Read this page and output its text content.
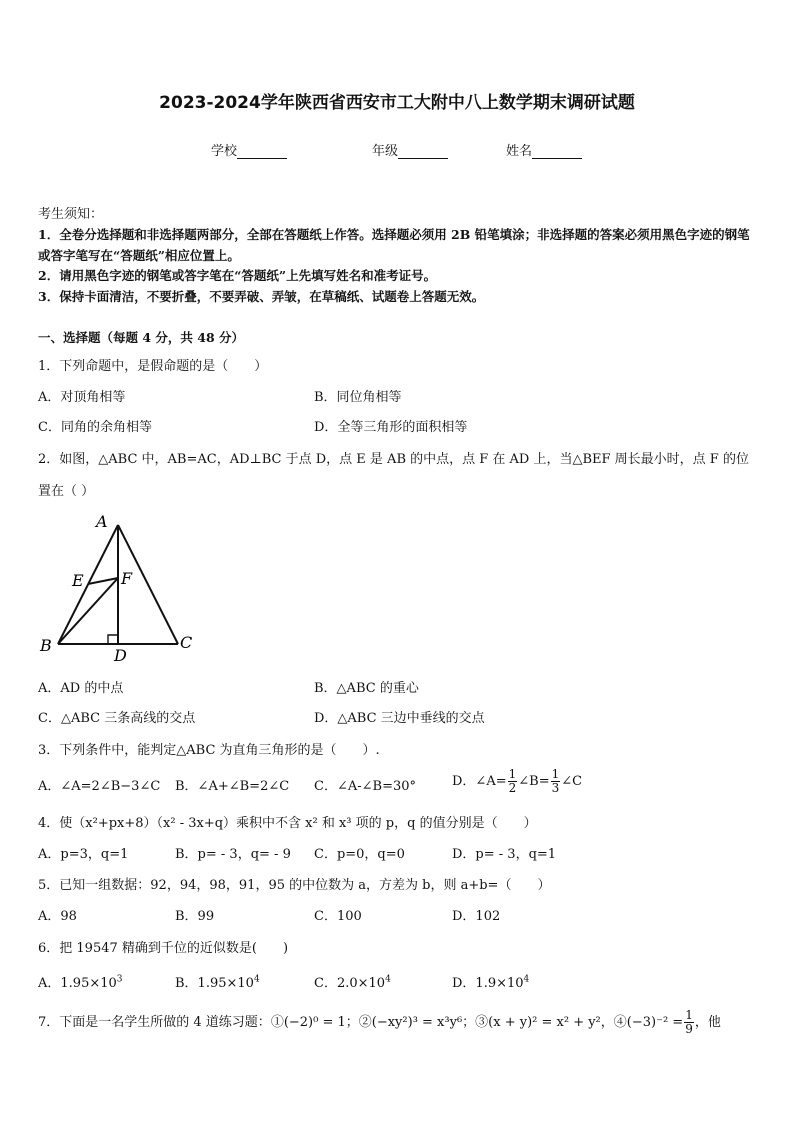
2023-2024学年陕西省西安市工大附中八上数学期末调研试题
学校	年级	姓名
考生须知：
1．全卷分选择题和非选择题两部分，全部在答题纸上作答。选择题必须用 2B 铅笔填涂；非选择题的答案必须用黑色字迹的钢笔或答字笔写在“答题纸”相应位置上。
2．请用黑色字迹的钢笔或答字笔在“答题纸”上先填写姓名和准考证号。
3．保持卡面清洁，不要折叠，不要弄破、弄皱，在草稿纸、试题卷上答题无效。
一、选择题（每题 4 分，共 48 分）
1．下列命题中，是假命题的是（　　）
A．对顶角相等	B．同位角相等
C．同角的余角相等	D．全等三角形的面积相等
2．如图，△ABC 中，AB=AC，AD⊥BC 于点 D，点 E 是 AB 的中点，点 F 在 AD 上，当△BEF 周长最小时，点 F 的位
置在（ ）
A
B	C
D
E F
A．AD 的中点	B．△ABC 的重心
C．△ABC 三条高线的交点	D．△ABC 三边中垂线的交点
3．下列条件中，能判定△ABC 为直角三角形的是（　　）.
A．∠A=2∠B−3∠C B．∠A+∠B=2∠C C．∠A-∠B=30°	D．∠A= $\frac{1}{2}$ ∠B= $\frac{1}{3}$ ∠C
4．使（x²+px+8）（x² - 3x+q）乘积中不含 x² 和 x³ 项的 p，q 的值分别是（　　）
A．p=3，q=1	B．p= - 3，q= - 9 C．p=0，q=0	D．p= - 3，q=1
5．已知一组数据：92，94，98，91，95 的中位数为 a，方差为 b，则 a+b=（　　）
A．98	B．99	C．100	D．102
6．把 19547 精确到千位的近似数是(　　)
A．$1.95\times 10^3$	B．$1.95\times 10^4$	C．$2.0\times 10^4$	D．$1.9\times 10^4$
7．下面是一名学生所做的 4 道练习题：①(−2)⁰ = 1；②(−xy²)³ = x³y⁶；③(x + y)² = x² + y²，④(−3)⁻² = $\frac{1}{9}$ ，他
